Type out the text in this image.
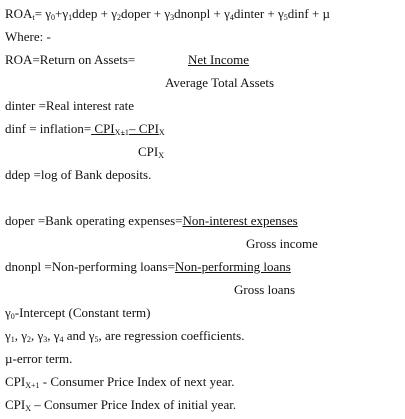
$ROA_t=$ $\gamma_0+\gamma_1ddep$ + $\gamma_2doper$ + $\gamma_3dnonpl$ + $\gamma_4dinter$ + $\gamma_5dinf + \mu$
Where: -
ROA=Return on Assets=	Net Income
Average Total Assets
dinter =Real interest rate
dinf = inflation= $CPI_{X+1}-$ $CPI_X$
$CPI_X$
ddep =log of Bank deposits.
doper =Bank operating expenses=Non-interest expenses
Gross income
dnonpl =Non-performing loans=Non-performing loans
Gross loans
$\gamma_0$-Intercept (Constant term)
$\gamma_1$, $\gamma_2$, $\gamma_3$, $\gamma_4$ and $\gamma_5$, are regression coefficients.
µ-error term.
$CPI_{X+1}$ - Consumer Price Index of next year.
$CPI_X$ – Consumer Price Index of initial year.
